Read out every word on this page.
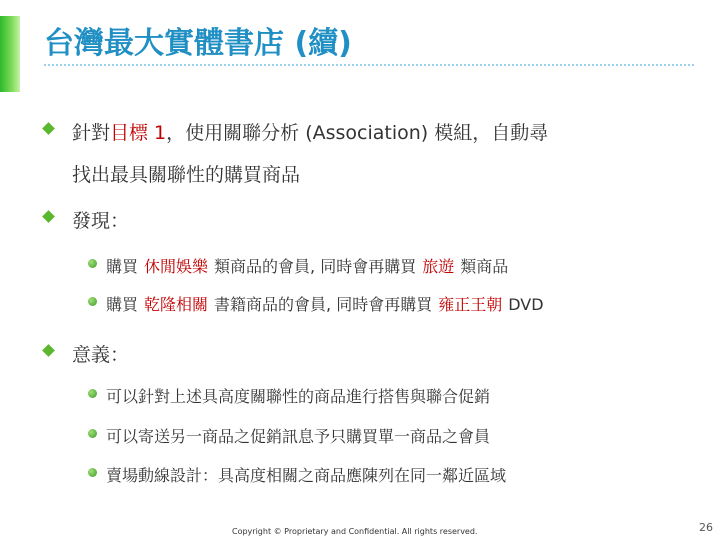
台灣最大實體書店 (續)
針對目標 1，使用關聯分析 (Association) 模組，自動尋
找出最具關聯性的購買商品
發現：
購買 休閒娛樂 類商品的會員, 同時會再購買 旅遊 類商品
購買 乾隆相關 書籍商品的會員, 同時會再購買 雍正王朝 DVD
意義：
可以針對上述具高度關聯性的商品進行搭售與聯合促銷
可以寄送另一商品之促銷訊息予只購買單一商品之會員
賣場動線設計：具高度相關之商品應陳列在同一鄰近區域
Copyright © Proprietary and Confidential. All rights reserved.	26
